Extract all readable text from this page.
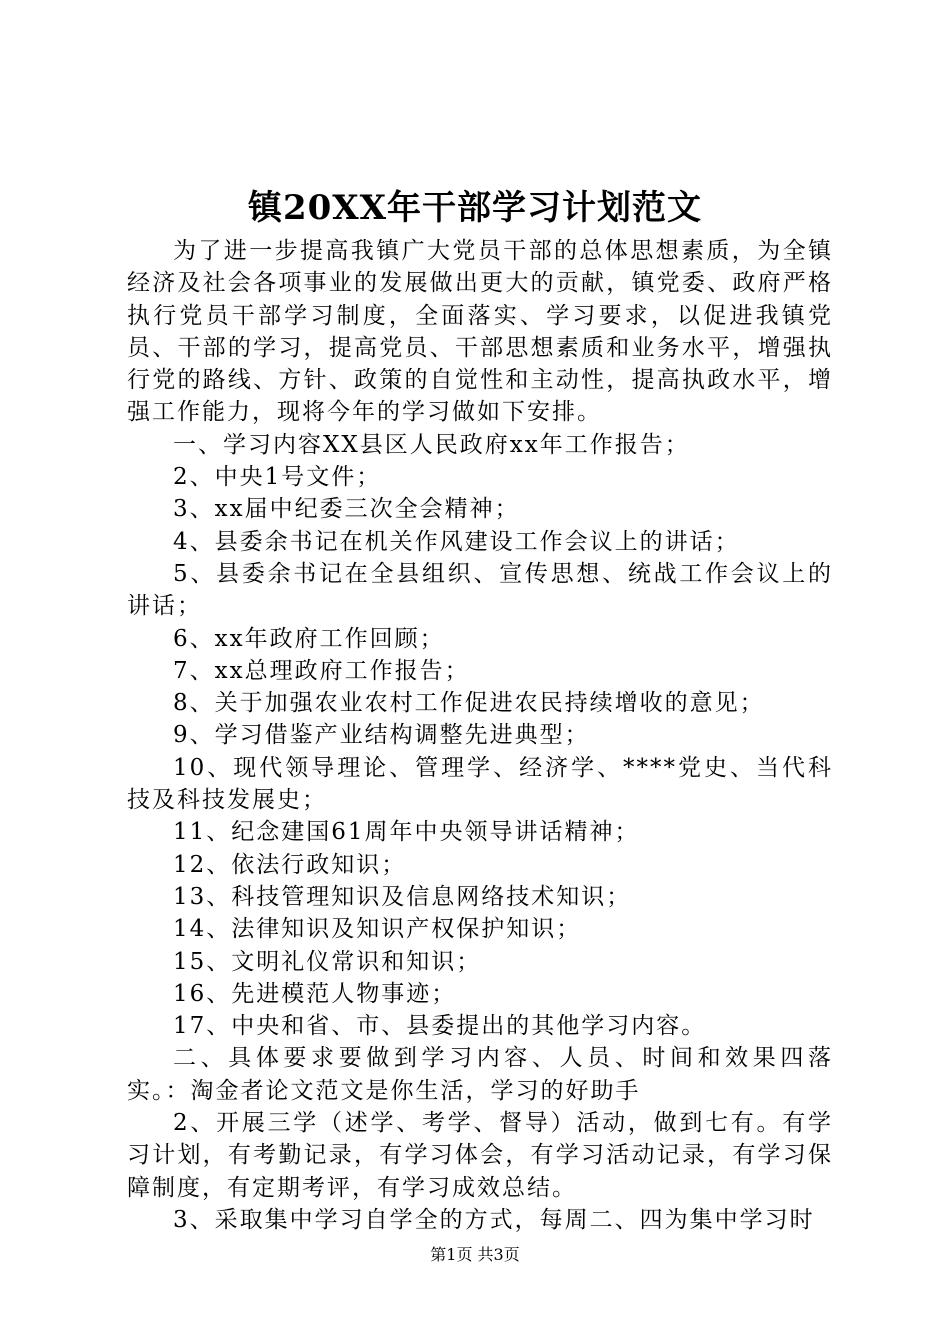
镇20XX年干部学习计划范文

为了进一步提高我镇广大党员干部的总体思想素质，为全镇经济及社会各项事业的发展做出更大的贡献，镇党委、政府严格执行党员干部学习制度，全面落实、学习要求，以促进我镇党员、干部的学习，提高党员、干部思想素质和业务水平，增强执行党的路线、方针、政策的自觉性和主动性，提高执政水平，增强工作能力，现将今年的学习做如下安排。

一、学习内容XX县区人民政府xx年工作报告；

2、中央1号文件；

3、xx届中纪委三次全会精神；

4、县委余书记在机关作风建设工作会议上的讲话；

5、县委余书记在全县组织、宣传思想、统战工作会议上的讲话；

6、xx年政府工作回顾；

7、xx总理政府工作报告；

8、关于加强农业农村工作促进农民持续增收的意见；

9、学习借鉴产业结构调整先进典型；

10、现代领导理论、管理学、经济学、****党史、当代科技及科技发展史；

11、纪念建国61周年中央领导讲话精神；

12、依法行政知识；

13、科技管理知识及信息网络技术知识；

14、法律知识及知识产权保护知识；

15、文明礼仪常识和知识；

16、先进模范人物事迹；

17、中央和省、市、县委提出的其他学习内容。

二、具体要求要做到学习内容、人员、时间和效果四落实。：淘金者论文范文是你生活，学习的好助手

2、开展三学（述学、考学、督导）活动，做到七有。有学习计划，有考勤记录，有学习体会，有学习活动记录，有学习保障制度，有定期考评，有学习成效总结。

3、采取集中学习自学全的方式，每周二、四为集中学习时

第1页 共3页
